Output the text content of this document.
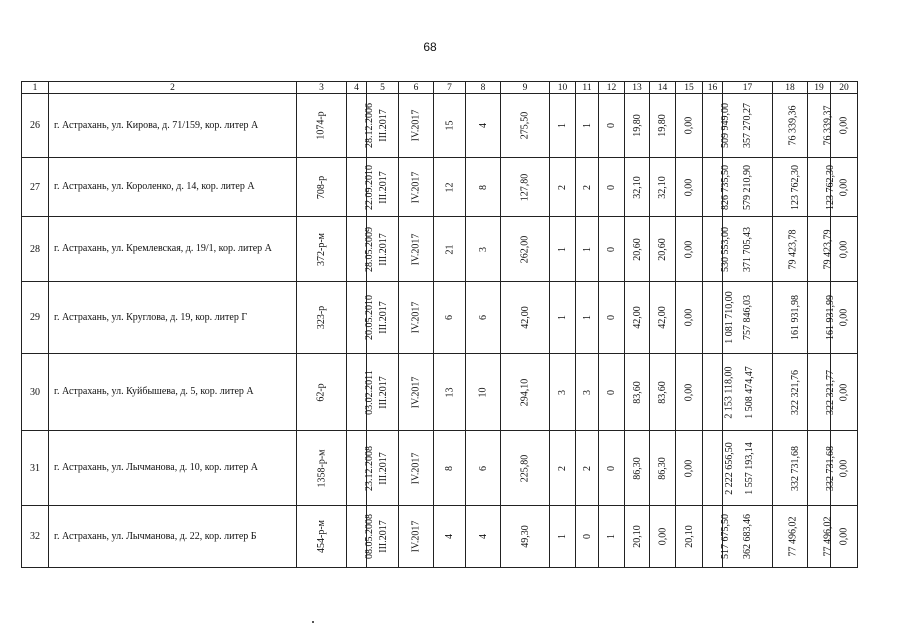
68
1	2	3	4	5	6	7	8	9	10	11	12	13	14	15	16	17	18	19	20
26	г. Астрахань, ул. Кирова, д. 71/159, кор. литер А	1074-р	28.12.2006	III.2017	IV.2017	15	4	275,50	1	1	0	19,80	19,80	0,00	509 949,00	357 270,27	76 339,36	76 339,37	0,00
27	г. Астрахань, ул. Короленко, д. 14, кор. литер А	708-р	22.09.2010	III.2017	IV.2017	12	8	127,80	2	2	0	32,10	32,10	0,00	826 735,50	579 210,90	123 762,30	123 762,30	0,00
28	г. Астрахань, ул. Кремлевская, д. 19/1, кор. литер А	372-р-м	28.05.2009	III.2017	IV.2017	21	3	262,00	1	1	0	20,60	20,60	0,00	530 553,00	371 705,43	79 423,78	79 423,79	0,00
29	г. Астрахань, ул. Круглова, д. 19, кор. литер Г	323-р	20.05.2010	III.2017	IV.2017	6	6	42,00	1	1	0	42,00	42,00	0,00	1 081 710,00	757 846,03	161 931,98	161 931,99	0,00
30	г. Астрахань, ул. Куйбышева, д. 5, кор. литер А	62-р	03.02.2011	III.2017	IV.2017	13	10	294,10	3	3	0	83,60	83,60	0,00	2 153 118,00	1 508 474,47	322 321,76	322 321,77	0,00
31	г. Астрахань, ул. Лычманова, д. 10, кор. литер А	1358-р-м	23.12.2008	III.2017	IV.2017	8	6	225,80	2	2	0	86,30	86,30	0,00	2 222 656,50	1 557 193,14	332 731,68	332 731,68	0,00
32	г. Астрахань, ул. Лычманова, д. 22, кор. литер Б	454-р-м	08.05.2008	III.2017	IV.2017	4	4	49,30	1	0	1	20,10	0,00	20,10	517 675,50	362 683,46	77 496,02	77 496,02	0,00
